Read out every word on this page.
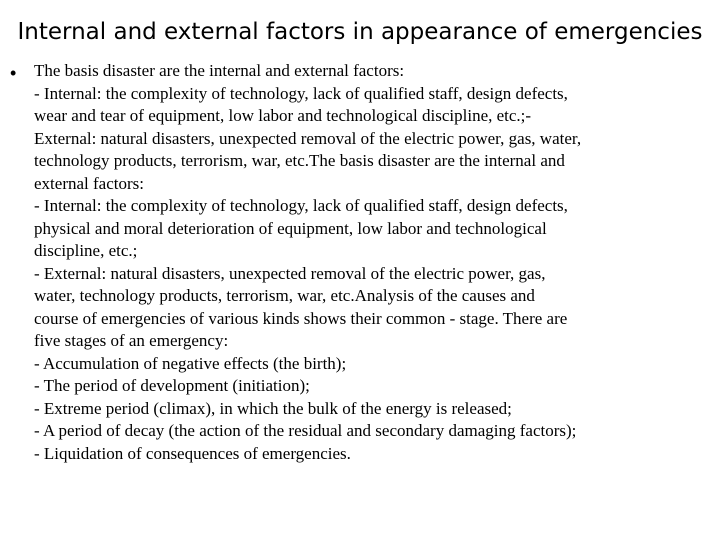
Internal and external factors in appearance of emergencies
• The basis disaster are the internal and external factors:
- Internal: the complexity of technology, lack of qualified staff, design defects,
wear and tear of equipment, low labor and technological discipline, etc.;-
External: natural disasters, unexpected removal of the electric power, gas, water,
technology products, terrorism, war, etc.The basis disaster are the internal and
external factors:
- Internal: the complexity of technology, lack of qualified staff, design defects,
physical and moral deterioration of equipment, low labor and technological
discipline, etc.;
- External: natural disasters, unexpected removal of the electric power, gas,
water, technology products, terrorism, war, etc.Analysis of the causes and
course of emergencies of various kinds shows their common - stage. There are
five stages of an emergency:
- Accumulation of negative effects (the birth);
- The period of development (initiation);
- Extreme period (climax), in which the bulk of the energy is released;
- A period of decay (the action of the residual and secondary damaging factors);
- Liquidation of consequences of emergencies.
